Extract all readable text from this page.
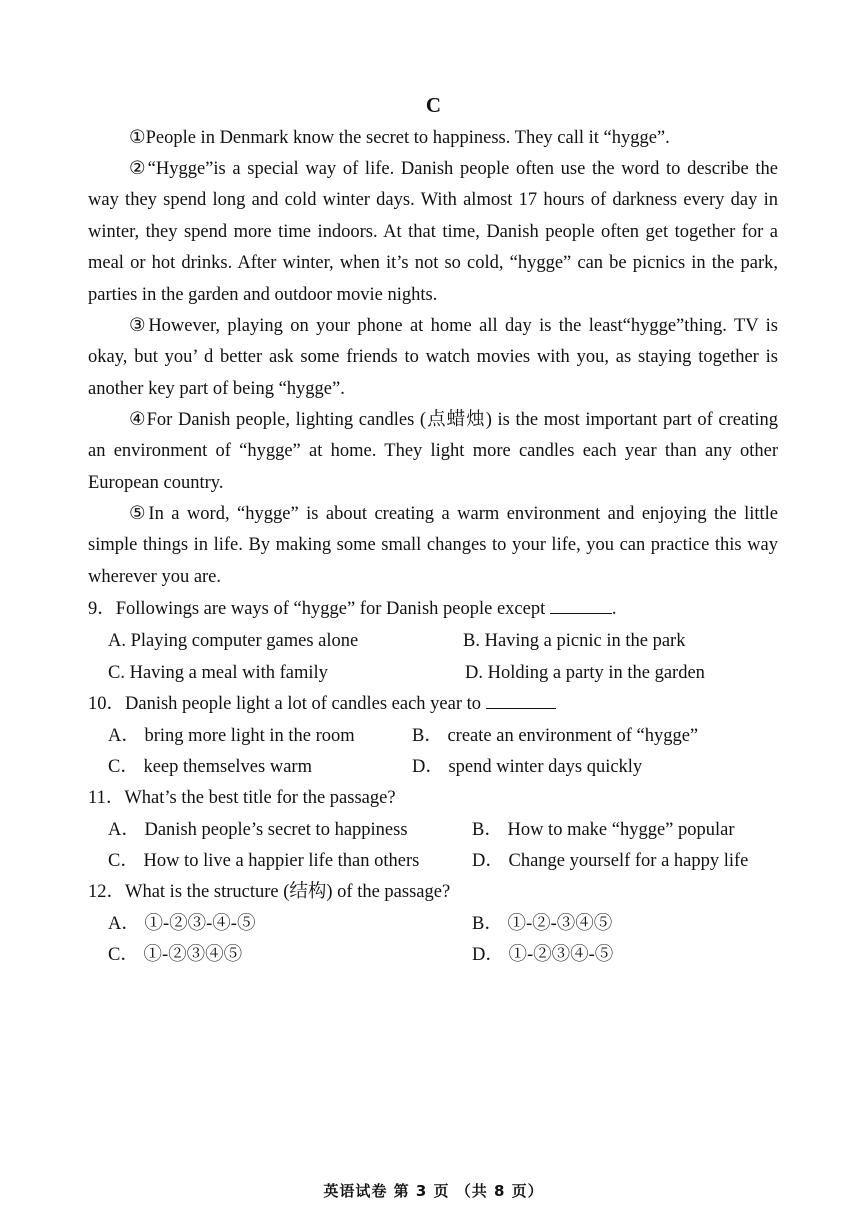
C

①People in Denmark know the secret to happiness. They call it “hygge”.

②“Hygge”is a special way of life. Danish people often use the word to describe the way they spend long and cold winter days. With almost 17 hours of darkness every day in winter, they spend more time indoors. At that time, Danish people often get together for a meal or hot drinks. After winter, when it’s not so cold, “hygge” can be picnics in the park, parties in the garden and outdoor movie nights.

③However, playing on your phone at home all day is the least“hygge”thing. TV is okay, but you’ d better ask some friends to watch movies with you, as staying together is another key part of being “hygge”.

④For Danish people, lighting candles (点蜡烛) is the most important part of creating an environment of “hygge” at home. They light more candles each year than any other European country.

⑤In a word, “hygge” is about creating a warm environment and enjoying the little simple things in life. By making some small changes to your life, you can practice this way wherever you are.

9．Followings are ways of “hygge” for Danish people except	.
A. Playing computer games alone	B. Having a picnic in the park
C. Having a meal with family	D. Holding a party in the garden
10．Danish people light a lot of candles each year to
A． bring more light in the room	B． create an environment of “hygge”
C． keep themselves warm	D． spend winter days quickly
11．What’s the best title for the passage?
A． Danish people’s secret to happiness	B． How to make “hygge” popular
C． How to live a happier life than others	D． Change yourself for a happy life
12．What is the structure (结构) of the passage?
A． ①-②③-④-⑤	B． ①-②-③④⑤
C． ①-②③④⑤	D． ①-②③④-⑤
英语试卷 第 3 页 （共 8 页）
